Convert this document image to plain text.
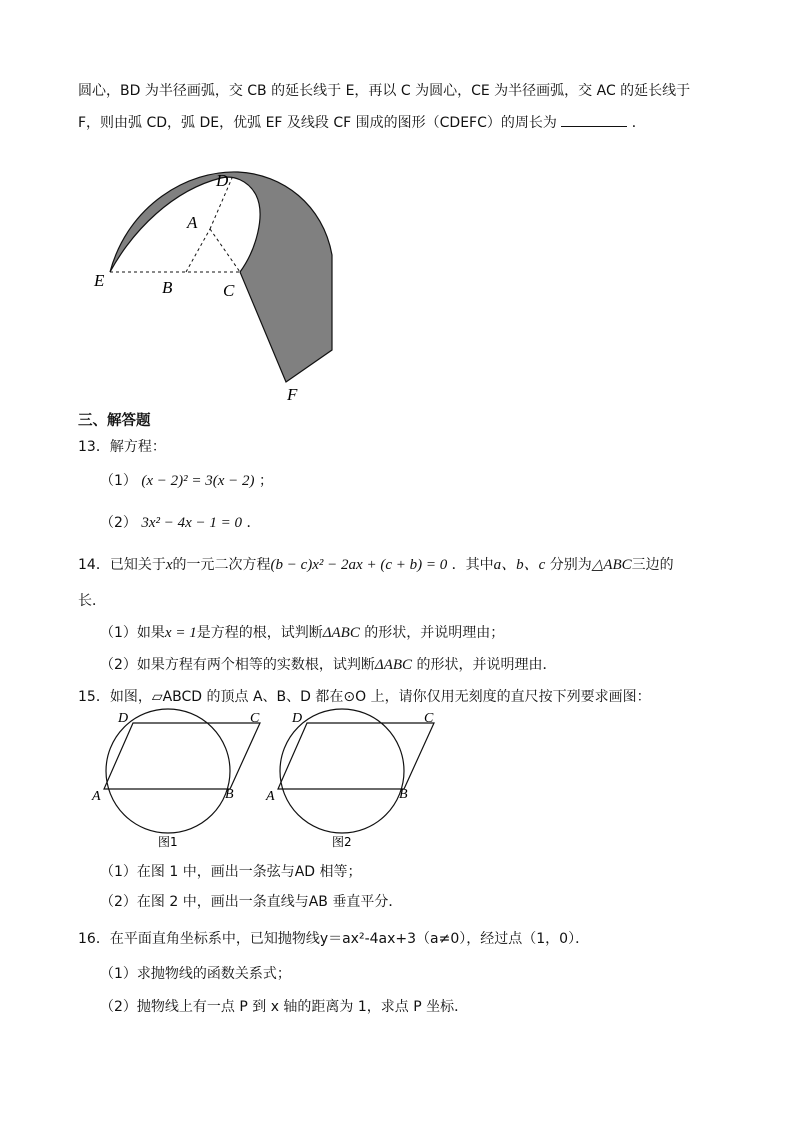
圆心，BD 为半径画弧，交 CB 的延长线于 E，再以 C 为圆心，CE 为半径画弧，交 AC 的延长线于
F，则由弧 CD，弧 DE，优弧 EF 及线段 CF 围成的图形（CDEFC）的周长为	．
D
A
E	B	C
F
三、解答题
13．解方程：
（1） (x − 2)² = 3(x − 2) ；
（2） 3x² − 4x − 1 = 0 ．
14．已知关于x的一元二次方程(b − c)x² − 2ax + (c + b) = 0 ．其中a、b、c 分别为△ABC三边的
长．
（1）如果x = 1是方程的根，试判断ΔABC 的形状，并说明理由；
（2）如果方程有两个相等的实数根，试判断ΔABC 的形状，并说明理由．
15．如图，▱ABCD 的顶点 A、B、D 都在⊙O 上，请你仅用无刻度的直尺按下列要求画图：
D	C
A	B
图1
D	C
A	B
图2
（1）在图 1 中，画出一条弦与AD 相等；
（2）在图 2 中，画出一条直线与AB 垂直平分．
16．在平面直角坐标系中，已知抛物线y＝ax²-4ax+3（a≠0），经过点（1，0）．
（1）求抛物线的函数关系式；
（2）抛物线上有一点 P 到 x 轴的距离为 1，求点 P 坐标．
